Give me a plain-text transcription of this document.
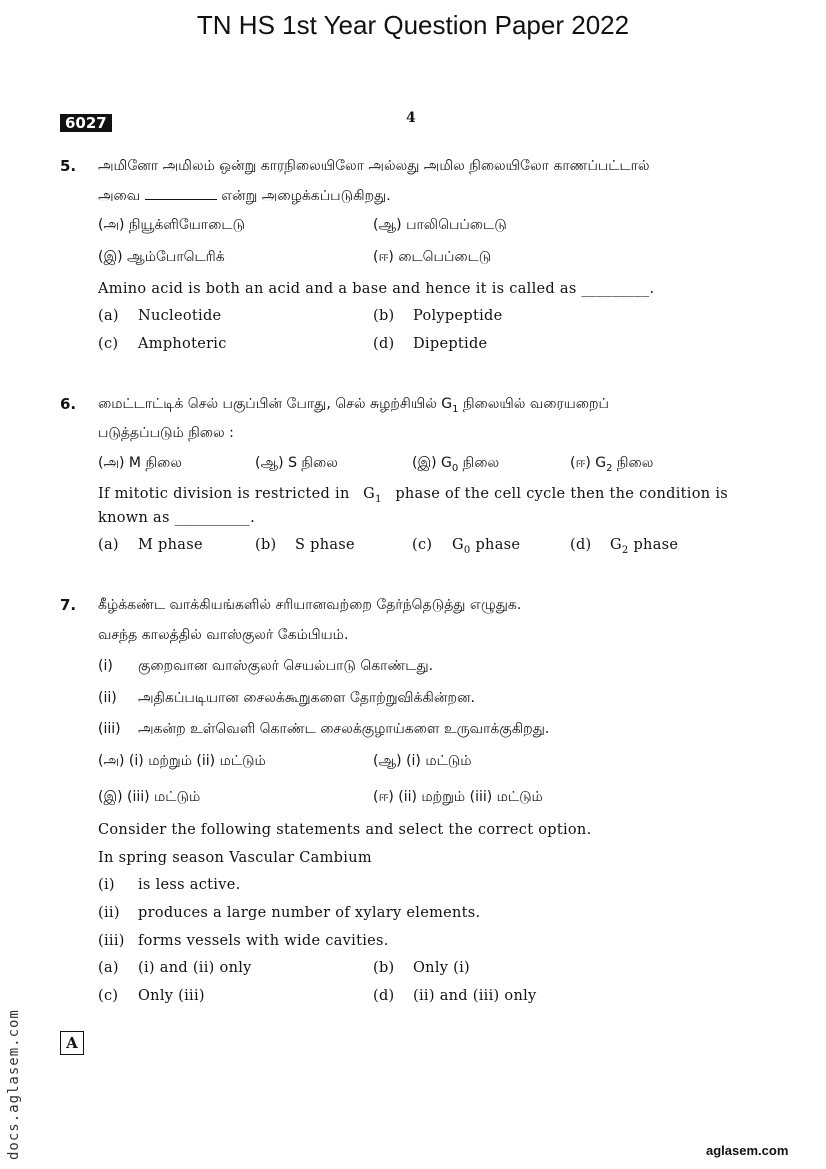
TN HS 1st Year Question Paper 2022
6027	4
5. அமினோ அமிலம் ஒன்று காரநிலையிலோ அல்லது அமில நிலையிலோ காணப்பட்டால்
அவை	என்று அழைக்கப்படுகிறது.
(அ) நியூக்ளியோடைடு	(ஆ) பாலிபெப்டைடு
(இ) ஆம்போடெரிக்	(ஈ) டைபெப்டைடு
Amino acid is both an acid and a base and hence it is called as _________.
(a) Nucleotide	(b) Polypeptide
(c) Amphoteric	(d) Dipeptide
6. மைட்டாட்டிக் செல் பகுப்பின் போது, செல் சுழற்சியில் $G_1$ நிலையில் வரையறைப்
படுத்தப்படும் நிலை :
(அ) M நிலை	(ஆ) S நிலை	(இ) $G_0$ நிலை	(ஈ) $G_2$ நிலை
If mitotic division is restricted in $G_1$ phase of the cell cycle then the condition is
known as __________.
(a) M phase	(b) S phase	(c) $G_0$ phase	(d) $G_2$ phase
7. கீழ்க்கண்ட வாக்கியங்களில் சரியானவற்றை தேர்ந்தெடுத்து எழுதுக.
வசந்த காலத்தில் வாஸ்குலர் கேம்பியம்.
(i) குறைவான வாஸ்குலர் செயல்பாடு கொண்டது.
(ii) அதிகப்படியான சைலக்கூறுகளை தோற்றுவிக்கின்றன.
(iii) அகன்ற உள்வெளி கொண்ட சைலக்குழாய்களை உருவாக்குகிறது.
(அ) (i) மற்றும் (ii) மட்டும்	(ஆ) (i) மட்டும்
(இ) (iii) மட்டும்	(ஈ) (ii) மற்றும் (iii) மட்டும்
Consider the following statements and select the correct option.
In spring season Vascular Cambium
(i) is less active.
(ii) produces a large number of xylary elements.
(iii) forms vessels with wide cavities.
(a) (i) and (ii) only	(b) Only (i)
(c) Only (iii)	(d) (ii) and (iii) only
A
docs.aglasem.com	aglasem.com
